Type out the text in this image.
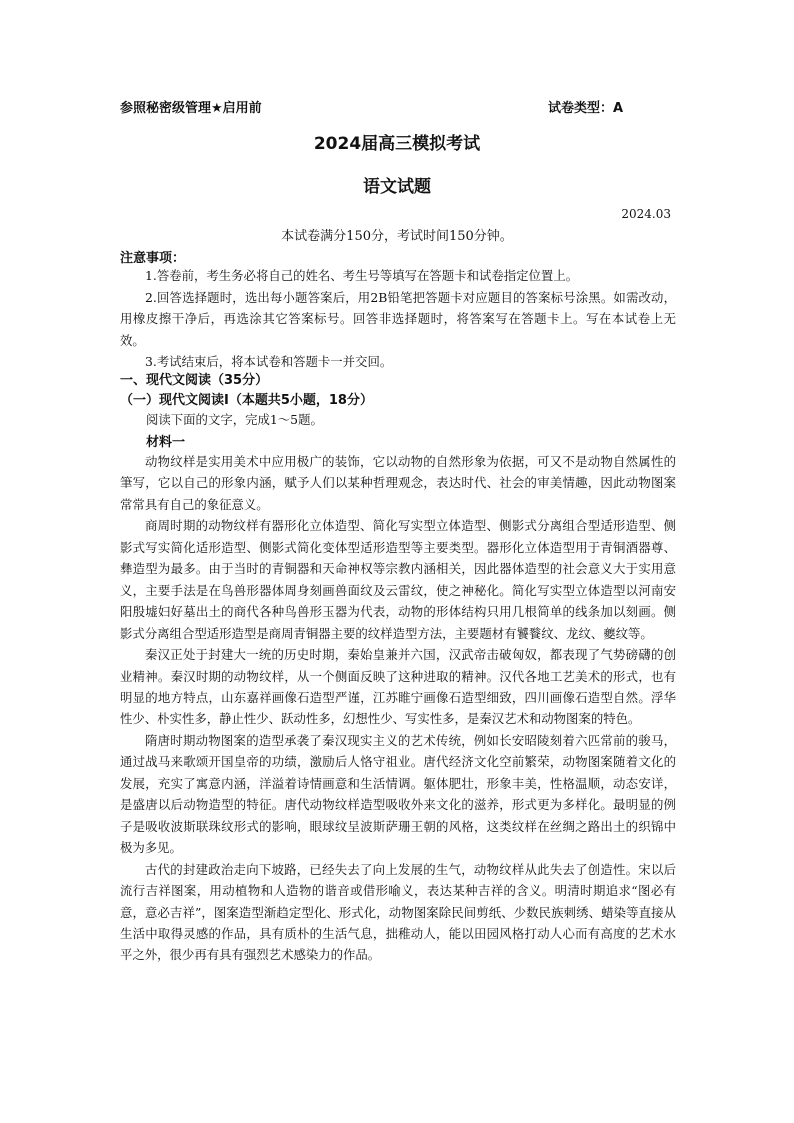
参照秘密级管理★启用前	试卷类型：A
2024届高三模拟考试
语文试题
2024.03
本试卷满分150分，考试时间150分钟。
注意事项：

1.答卷前，考生务必将自己的姓名、考生号等填写在答题卡和试卷指定位置上。

2.回答选择题时，选出每小题答案后，用2B铅笔把答题卡对应题目的答案标号涂黑。如需改动，用橡皮擦干净后，再选涂其它答案标号。回答非选择题时，将答案写在答题卡上。写在本试卷上无效。

3.考试结束后，将本试卷和答题卡一并交回。

一、现代文阅读（35分）
（一）现代文阅读Ⅰ（本题共5小题，18分）
阅读下面的文字，完成1～5题。
材料一

动物纹样是实用美术中应用极广的装饰，它以动物的自然形象为依据，可又不是动物自然属性的筆写，它以自己的形象内涵，赋予人们以某种哲理观念，表达时代、社会的审美情趣，因此动物图案常常具有自己的象征意义。

商周时期的动物纹样有器形化立体造型、简化写实型立体造型、侧影式分离组合型适形造型、侧影式写实简化适形造型、侧影式简化变体型适形造型等主要类型。器形化立体造型用于青铜酒器尊、彝造型为最多。由于当时的青铜器和天命神权等宗教内涵相关，因此器体造型的社会意义大于实用意义，主要手法是在鸟兽形器体周身刻画兽面纹及云雷纹，使之神秘化。简化写实型立体造型以河南安阳殷墟妇好墓出土的商代各种鸟兽形玉器为代表，动物的形体结构只用几根简单的线条加以刻画。侧影式分离组合型适形造型是商周青铜器主要的纹样造型方法，主要题材有饕餮纹、龙纹、夔纹等。

秦汉正处于封建大一统的历史时期，秦始皇兼并六国，汉武帝击破匈奴，都表现了气势磅礴的创业精神。秦汉时期的动物纹样，从一个侧面反映了这种进取的精神。汉代各地工艺美术的形式，也有明显的地方特点，山东嘉祥画像石造型严谨，江苏睢宁画像石造型细致，四川画像石造型自然。浮华性少、朴实性多，静止性少、跃动性多，幻想性少、写实性多，是秦汉艺术和动物图案的特色。

隋唐时期动物图案的造型承袭了秦汉现实主义的艺术传统，例如长安昭陵刻着六匹常前的骏马，通过战马来歌颂开国皇帝的功绩，激励后人恪守祖业。唐代经济文化空前繁荣，动物图案随着文化的发展，充实了寓意内涵，洋溢着诗情画意和生活情调。躯体肥壮，形象丰美，性格温顺，动态安详，是盛唐以后动物造型的特征。唐代动物纹样造型吸收外来文化的滋养，形式更为多样化。最明显的例子是吸收波斯联珠纹形式的影响，眼球纹呈波斯萨珊王朝的风格，这类纹样在丝绸之路出土的织锦中极为多见。

古代的封建政治走向下坡路，已经失去了向上发展的生气，动物纹样从此失去了创造性。宋以后流行吉祥图案，用动植物和人造物的谐音或借形喻义，表达某种吉祥的含义。明清时期追求“图必有意，意必吉祥”，图案造型渐趋定型化、形式化，动物图案除民间剪纸、少数民族刺绣、蜡染等直接从生活中取得灵感的作品，具有质朴的生活气息，拙稚动人，能以田园风格打动人心而有高度的艺术水平之外，很少再有具有强烈艺术感染力的作品。
